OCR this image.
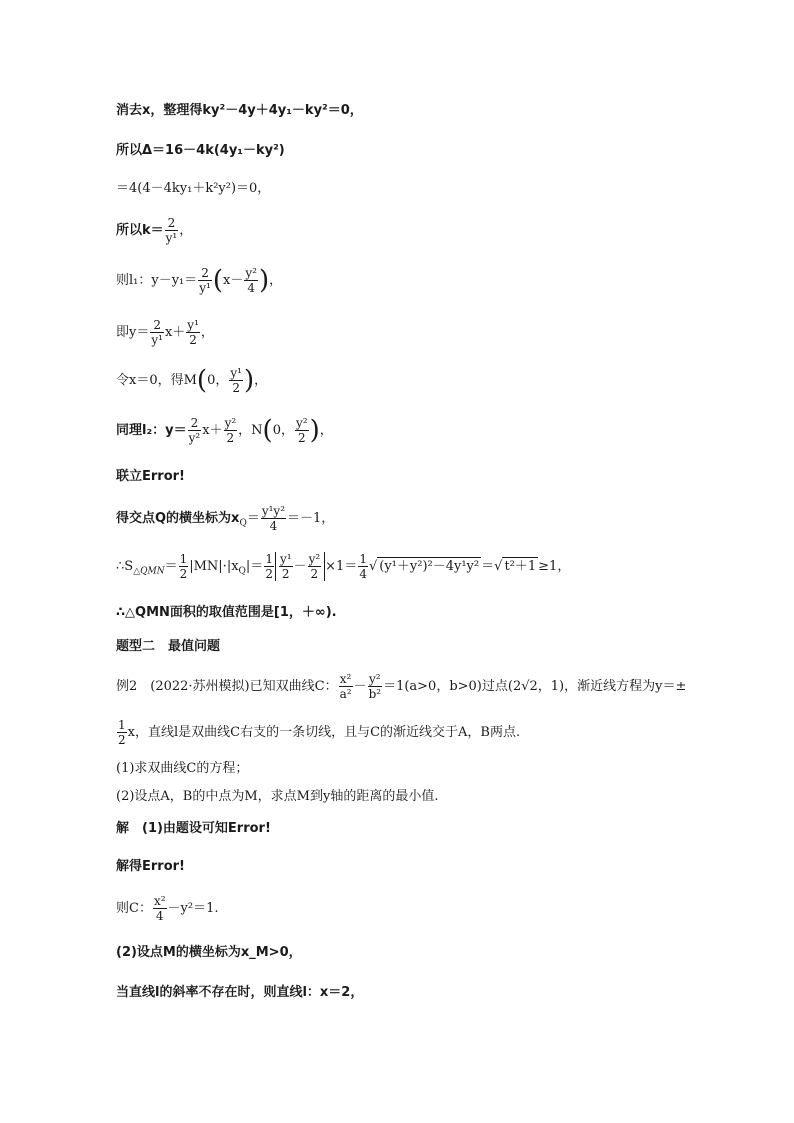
消去x，整理得ky²－4y＋4y₁－ky²＝0，
所以Δ＝16－4k(4y₁－ky²)
＝4(4－4ky₁＋k²y²)＝0，
所以$k= \frac{2}{\text{y¹}}$ ，
则l₁：$y-y_1= \frac{2}{\text{y¹}} (x- \frac{\text{y²}}{4}$ )，
即$y= \frac{2}{\text{y¹}} x+ \frac{\text{y¹}}{2}$ ，
令x＝0，得M(0， $\frac{\text{y¹}}{2}$ )，
同理l₂：$y= \frac{2}{\text{y²}} x+ \frac{\text{y²}}{2}$ ，N(0， $\frac{\text{y²}}{2}$ )，
联立Error!
得交点Q的横坐标为$x_Q= \frac{\text{y¹y²}}{4} =-1$，
$\therefore S_{\triangle QMN}= \frac{1}{2} |MN|\cdot|x_Q|= \frac{1}{2} \frac{\text{y¹}}{2} - \frac{\text{y²}}{2} \times 1= \frac{1}{4}$ √ (y¹＋y²)²－4y¹y² ＝√ t²＋1 ≥1，
∴△QMN面积的取值范围是[1，＋∞).
题型二　最值问题
例2　(2022·苏州模拟)已知双曲线C： $\frac{\text{x²}}{\text{a²}} - \frac{\text{y²}}{\text{b²}} =1(a>0$，b>0)过点(2√2，1)，渐近线方程为y＝±
$\frac{1}{2}$ x，直线l是双曲线C右支的一条切线，且与C的渐近线交于A，B两点.
(1)求双曲线C的方程；
(2)设点A，B的中点为M，求点M到y轴的距离的最小值.
解　(1)由题设可知Error!
解得Error!
则C： $\frac{\text{x²}}{4} -y^2=1$.
(2)设点M的横坐标为x_M>0，
当直线l的斜率不存在时，则直线l：x＝2，
